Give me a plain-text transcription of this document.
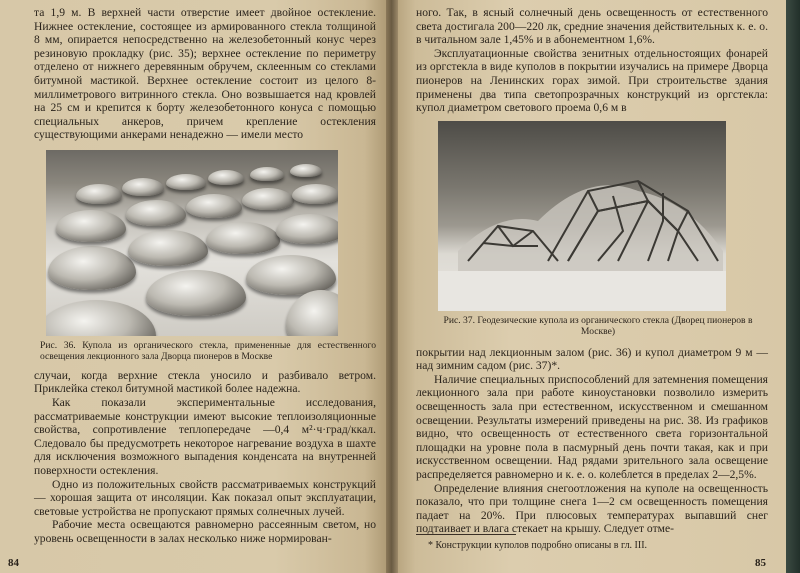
та 1,9 м. В верхней части отверстие имеет двойное остекление. Нижнее остекление, состоящее из армированного стекла толщиной 8 мм, опирается непосредственно на железобетонный конус через резиновую прокладку (рис. 35); верхнее остекление по периметру отделено от нижнего деревянным обручем, склеенным со стеклами битумной мастикой. Верхнее остекление состоит из целого 8-миллиметрового витринного стекла. Оно возвышается над кровлей на 25 см и крепится к борту железобетонного конуса с помощью специальных анкеров, причем крепление остекления существующими анкерами ненадежно — имели место

Рис. 36. Купола из органического стекла, примененные для естественного освещения лекционного зала Дворца пионеров в Москве

случаи, когда верхние стекла уносило и разбивало ветром. Приклейка стекол битумной мастикой более надежна.

Как показали экспериментальные исследования, рассматриваемые конструкции имеют высокие теплоизоляционные свойства, сопротивление теплопередаче —0,4 м²·ч·град/ккал. Следовало бы предусмотреть некоторое нагревание воздуха в шахте для исключения возможного выпадения конденсата на внутренней поверхности остекления.

Одно из положительных свойств рассматриваемых конструкций — хорошая защита от инсоляции. Как показал опыт эксплуатации, световые устройства не пропускают прямых солнечных лучей.

Рабочие места освещаются равномерно рассеянным светом, но уровень освещенности в залах несколько ниже нормирован-

84

ного. Так, в ясный солнечный день освещенность от естественного света достигала 200—220 лк, средние значения действительных к. е. о. в читальном зале 1,45% и в абонементном 1,6%.

Эксплуатационные свойства зенитных отдельностоящих фонарей из оргстекла в виде куполов в покрытии изучались на примере Дворца пионеров на Ленинских горах зимой. При строительстве здания применены два типа светопрозрачных конструкций из оргстекла: купол диаметром светового проема 0,6 м в

Рис. 37. Геодезические купола из органического стекла (Дворец пионеров в Москве)

покрытии над лекционным залом (рис. 36) и купол диаметром 9 м — над зимним садом (рис. 37)*.

Наличие специальных приспособлений для затемнения помещения лекционного зала при работе киноустановки позволило измерить освещенность зала при естественном, искусственном и смешанном освещении. Результаты измерений приведены на рис. 38. Из графиков видно, что освещенность от естественного света горизонтальной площадки на уровне пола в пасмурный день почти такая, как и при искусственном освещении. Над рядами зрительного зала освещение распределяется равномерно и к. е. о. колеблется в пределах 2—2,5%.

Определение влияния снегоотложения на куполе на освещенность показало, что при толщине снега 1—2 см освещенность помещения падает на 20%. При плюсовых температурах выпавший снег подтаивает и влага стекает на крышу. Следует отме-

* Конструкции куполов подробно описаны в гл. III.
85
